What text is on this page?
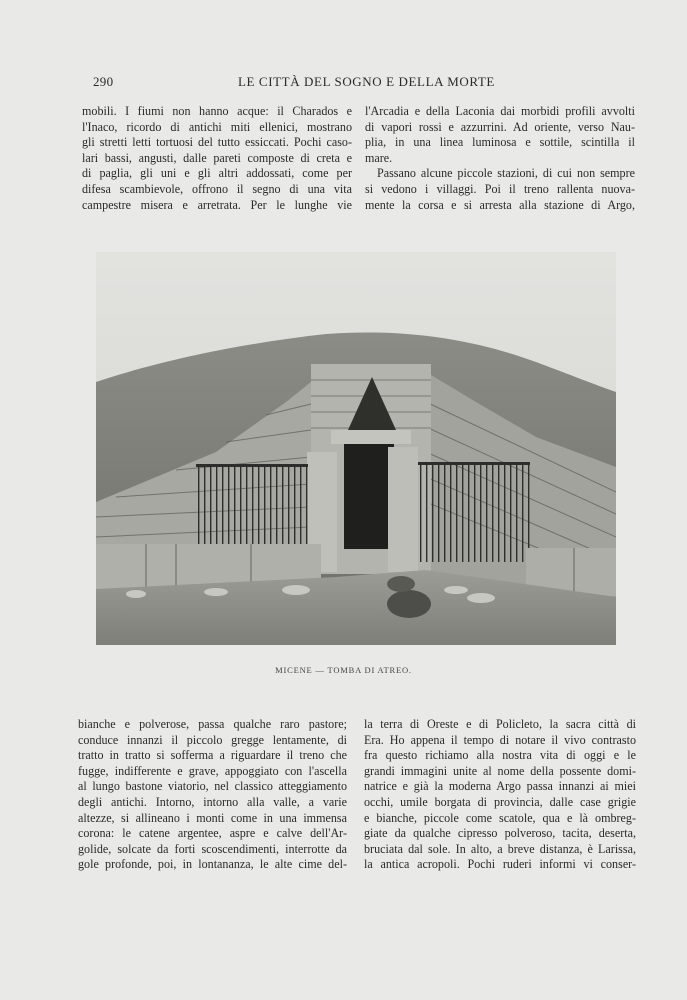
290	LE CITTÀ DEL SOGNO E DELLA MORTE
mobili. I fiumi non hanno acque: il Charados e
l'Inaco, ricordo di antichi miti ellenici, mostrano
gli stretti letti tortuosi del tutto essiccati. Pochi caso-
lari bassi, angusti, dalle pareti composte di creta e
di paglia, gli uni e gli altri addossati, come per
difesa scambievole, offrono il segno di una vita
campestre misera e arretrata. Per le lunghe vie
l'Arcadia e della Laconia dai morbidi profili avvolti
di vapori rossi e azzurrini. Ad oriente, verso Nau-
plia, in una linea luminosa e sottile, scintilla il
mare.
Passano alcune piccole stazioni, di cui non sempre
si vedono i villaggi. Poi il treno rallenta nuova-
mente la corsa e si arresta alla stazione di Argo,
MICENE — TOMBA DI ATREO.
bianche e polverose, passa qualche raro pastore;
conduce innanzi il piccolo gregge lentamente, di
tratto in tratto si sofferma a riguardare il treno che
fugge, indifferente e grave, appoggiato con l'ascella
al lungo bastone viatorio, nel classico atteggiamento
degli antichi. Intorno, intorno alla valle, a varie
altezze, si allineano i monti come in una immensa
corona: le catene argentee, aspre e calve dell'Ar-
golide, solcate da forti scoscendimenti, interrotte da
gole profonde, poi, in lontananza, le alte cime del-
la terra di Oreste e di Policleto, la sacra città di
Era. Ho appena il tempo di notare il vivo contrasto
fra questo richiamo alla nostra vita di oggi e le
grandi immagini unite al nome della possente domi-
natrice e già la moderna Argo passa innanzi ai miei
occhi, umile borgata di provincia, dalle case grigie
e bianche, piccole come scatole, qua e là ombreg-
giate da qualche cipresso polveroso, tacita, deserta,
bruciata dal sole. In alto, a breve distanza, è Larissa,
la antica acropoli. Pochi ruderi informi vi conser-
